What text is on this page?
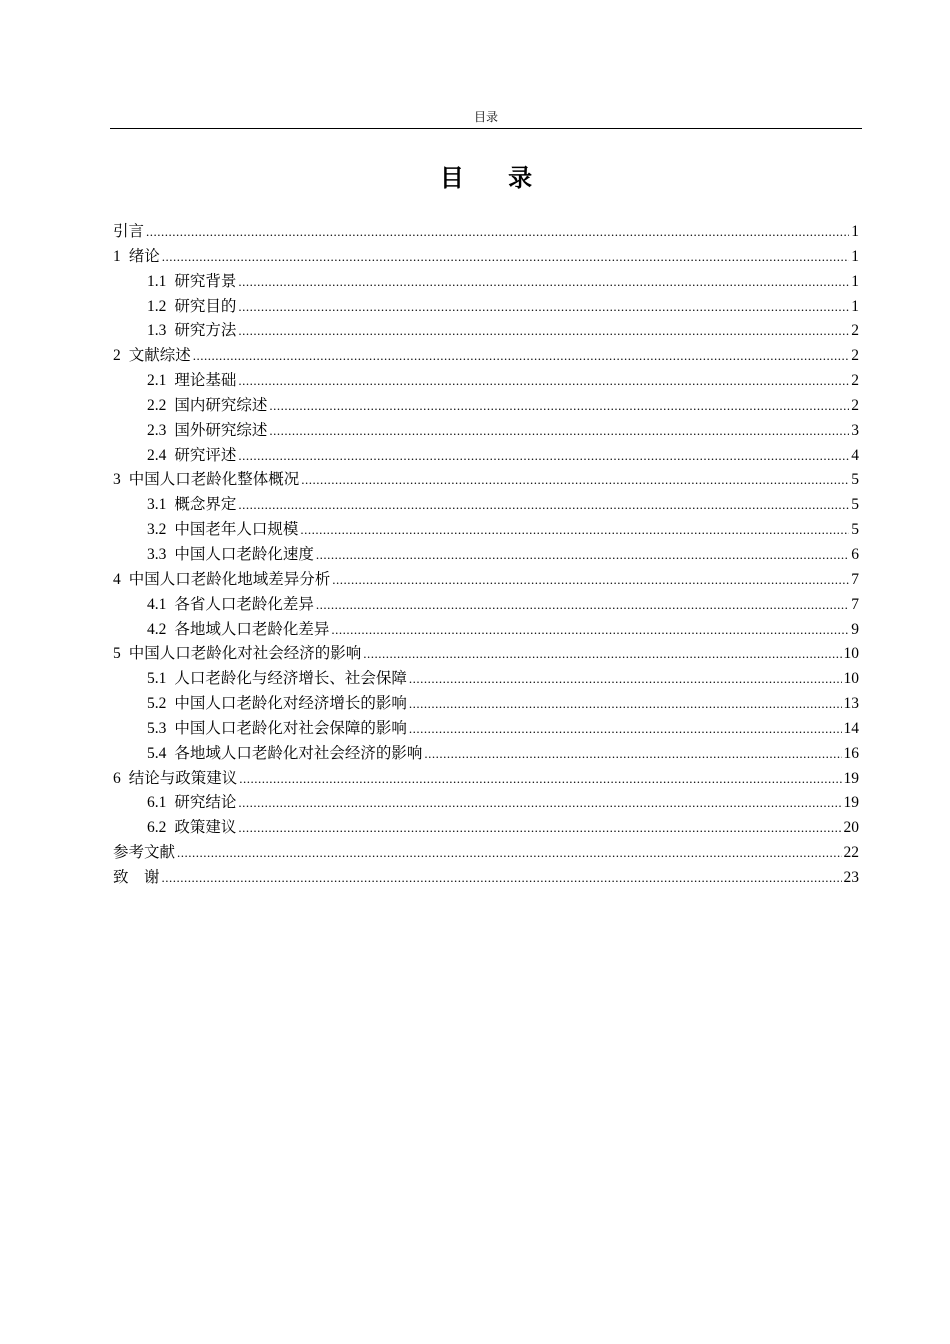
目录
目 录
引言 .....	1
1 绪论 .....	1
1.1 研究背景 .....	1
1.2 研究目的 .....	1
1.3 研究方法 .....	2
2 文献综述 .....	2
2.1 理论基础 .....	2
2.2 国内研究综述 .....	2
2.3 国外研究综述 .....	3
2.4 研究评述 .....	4
3 中国人口老龄化整体概况 .....	5
3.1 概念界定 .....	5
3.2 中国老年人口规模 .....	5
3.3 中国人口老龄化速度 .....	6
4 中国人口老龄化地域差异分析 .....	7
4.1 各省人口老龄化差异 .....	7
4.2 各地域人口老龄化差异 .....	9
5 中国人口老龄化对社会经济的影响 .....	10
5.1 人口老龄化与经济增长、社会保障 .....	10
5.2 中国人口老龄化对经济增长的影响 .....	13
5.3 中国人口老龄化对社会保障的影响 .....	14
5.4 各地域人口老龄化对社会经济的影响 .....	16
6 结论与政策建议 .....	19
6.1 研究结论 .....	19
6.2 政策建议 .....	20
参考文献 .....	22
致　谢 .....	23
